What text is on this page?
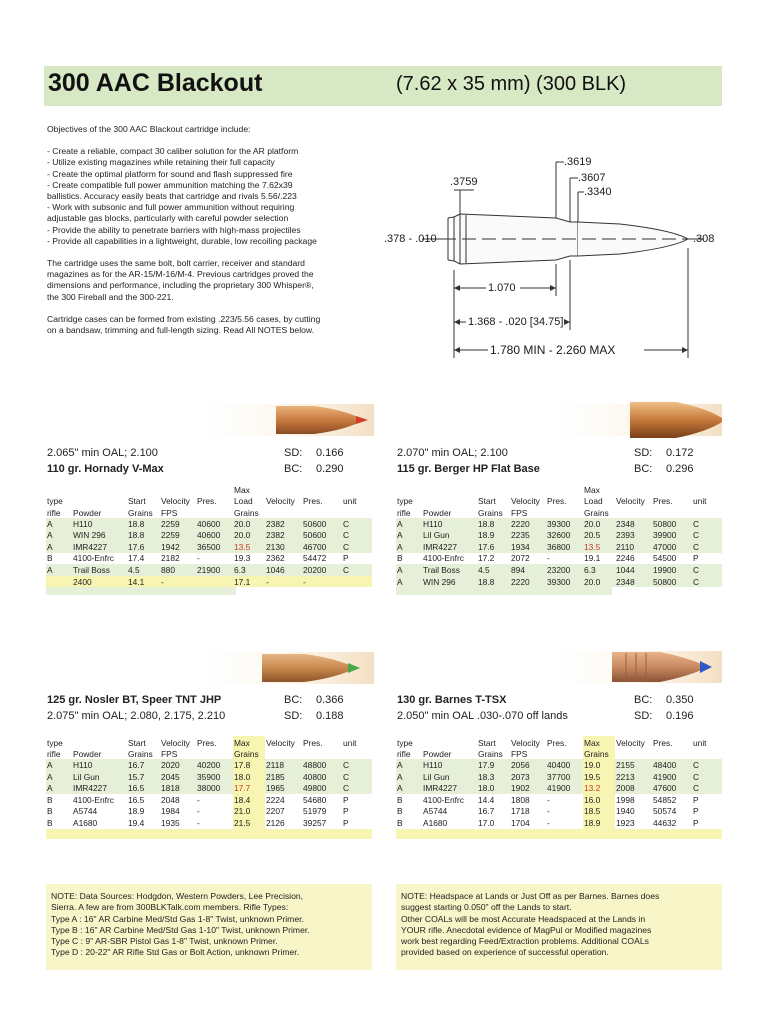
300 AAC Blackout	(7.62 x 35 mm) (300 BLK)

Objectives of the 300 AAC Blackout cartridge include:

- Create a reliable, compact 30 caliber solution for the AR platform
- Utilize existing magazines while retaining their full capacity
- Create the optimal platform for sound and flash suppressed fire
- Create compatible full power ammunition matching the 7.62x39
ballistics. Accuracy easily beats that cartridge and rivals 5.56/.223
- Work with subsonic and full power ammunition without requiring
adjustable gas blocks, particularly with careful powder selection
- Provide the ability to penetrate barriers with high-mass projectiles
- Provide all capabilities in a lightweight, durable, low recoiling package

The cartridge uses the same bolt, bolt carrier, receiver and standard
magazines as for the AR-15/M-16/M-4. Previous cartridges proved the
dimensions and performance, including the proprietary 300 Whisper®,
the 300 Fireball and the 300-221.

Cartridge cases can be formed from existing .223/5.56 cases, by cutting
on a bandsaw, trimming and full-length sizing. Read All NOTES below.

.3619
.3607
.3340
.3759
.378 - .010	.308
1.070
1.368 - .020 [34.75]
1.780 MIN - 2.260 MAX
2.065" min OAL; 2.100	SD: 0.166
110 gr. Hornady V-Max	BC: 0.290
					Max			
type		Start	Velocity	Pres.	Load	Velocity	Pres.	unit
rifle	Powder	Grains	FPS		Grains			
A	H110	18.8	2259	40600	20.0	2382	50600	C
A	WIN 296	18.8	2259	40600	20.0	2382	50600	C
A	IMR4227	17.6	1942	36500	13.5	2130	46700	C
B	4100-Enfrc	17.4	2182	-	19.3	2362	54472	P
A	Trail Boss	4.5	880	21900	6.3	1046	20200	C
	2400	14.1	-		17.1	-	-	
2.070" min OAL; 2.100	SD: 0.172
115 gr. Berger HP Flat Base	BC: 0.296
					Max			
type		Start	Velocity	Pres.	Load	Velocity	Pres.	unit
rifle	Powder	Grains	FPS		Grains			
A	H110	18.8	2220	39300	20.0	2348	50800	C
A	Lil Gun	18.9	2235	32600	20.5	2393	39900	C
A	IMR4227	17.6	1934	36800	13.5	2110	47000	C
B	4100-Enfrc	17.2	2072	-	19.1	2246	54500	P
A	Trail Boss	4.5	894	23200	6.3	1044	19900	C
A	WIN 296	18.8	2220	39300	20.0	2348	50800	C
125 gr. Nosler BT, Speer TNT JHP	BC: 0.366
2.075" min OAL; 2.080, 2.175, 2.210	SD: 0.188
type		Start	Velocity	Pres.	Max	Velocity	Pres.	unit
rifle	Powder	Grains	FPS		Grains			
A	H110	16.7	2020	40200	17.8	2118	48800	C
A	Lil Gun	15.7	2045	35900	18.0	2185	40800	C
A	IMR4227	16.5	1818	38000	17.7	1965	49800	C
B	4100-Enfrc	16.5	2048	-	18.4	2224	54680	P
B	A5744	18.9	1984	-	21.0	2207	51979	P
B	A1680	19.4	1935	-	21.5	2126	39257	P
130 gr. Barnes T-TSX	BC: 0.350
2.050" min OAL .030-.070 off lands	SD: 0.196
type		Start	Velocity	Pres.	Max	Velocity	Pres.	unit
rifle	Powder	Grains	FPS		Grains			
A	H110	17.9	2056	40400	19.0	2155	48400	C
A	Lil Gun	18.3	2073	37700	19.5	2213	41900	C
A	IMR4227	18.0	1902	41900	13.2	2008	47600	C
B	4100-Enfrc	14.4	1808	-	16.0	1998	54852	P
B	A5744	16.7	1718	-	18.5	1940	50574	P
B	A1680	17.0	1704	-	18.9	1923	44632	P
NOTE: Data Sources: Hodgdon, Western Powders, Lee Precision,
Sierra. A few are from 300BLKTalk.com members. Rifle Types:
Type A : 16" AR Carbine Med/Std Gas 1-8" Twist, unknown Primer.
Type B : 16" AR Carbine Med/Std Gas 1-10" Twist, unknown Primer.
Type C : 9" AR-SBR Pistol Gas 1-8" Twist, unknown Primer.
Type D : 20-22" AR Rifle Std Gas or Bolt Action, unknown Primer.
NOTE: Headspace at Lands or Just Off as per Barnes. Barnes does
suggest starting 0.050" off the Lands to start.
Other COALs will be most Accurate Headspaced at the Lands in
YOUR rifle. Anecdotal evidence of MagPul or Modified magazines
work best regarding Feed/Extraction problems. Additional COALs
provided based on experience of successful operation.
